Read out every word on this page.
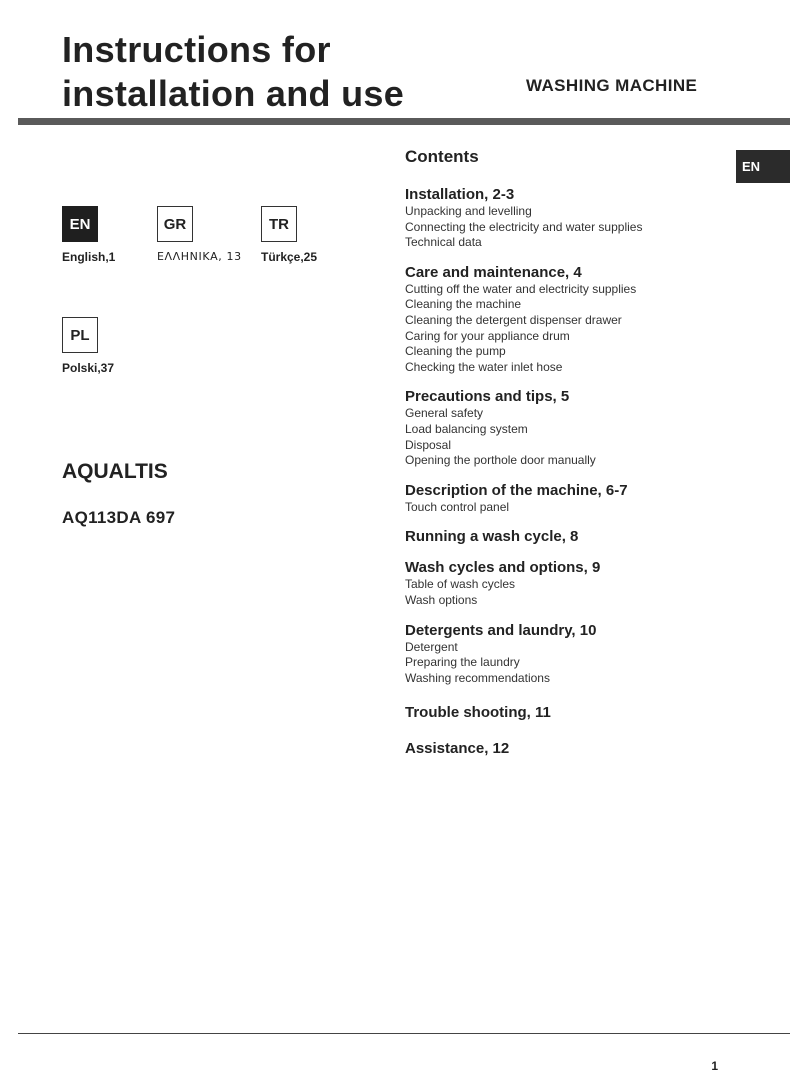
Instructions for
installation and use	WASHING MACHINE
EN
EN
English,1
GR
ΕΛΛΗΝΙΚΑ, 13
TR
Türkçe,25
PL
Polski,37
AQUALTIS
AQ113DA 697
Contents
Installation, 2-3
Unpacking and levelling
Connecting the electricity and water supplies
Technical data
Care and maintenance, 4
Cutting off the water and electricity supplies
Cleaning the machine
Cleaning the detergent dispenser drawer
Caring for your appliance drum
Cleaning the pump
Checking the water inlet hose
Precautions and tips, 5
General safety
Load balancing system
Disposal
Opening the porthole door manually
Description of the machine, 6-7
Touch control panel
Running a wash cycle, 8
Wash cycles and options, 9
Table of wash cycles
Wash options
Detergents and laundry, 10
Detergent
Preparing the laundry
Washing recommendations
Trouble shooting, 11
Assistance, 12
1
